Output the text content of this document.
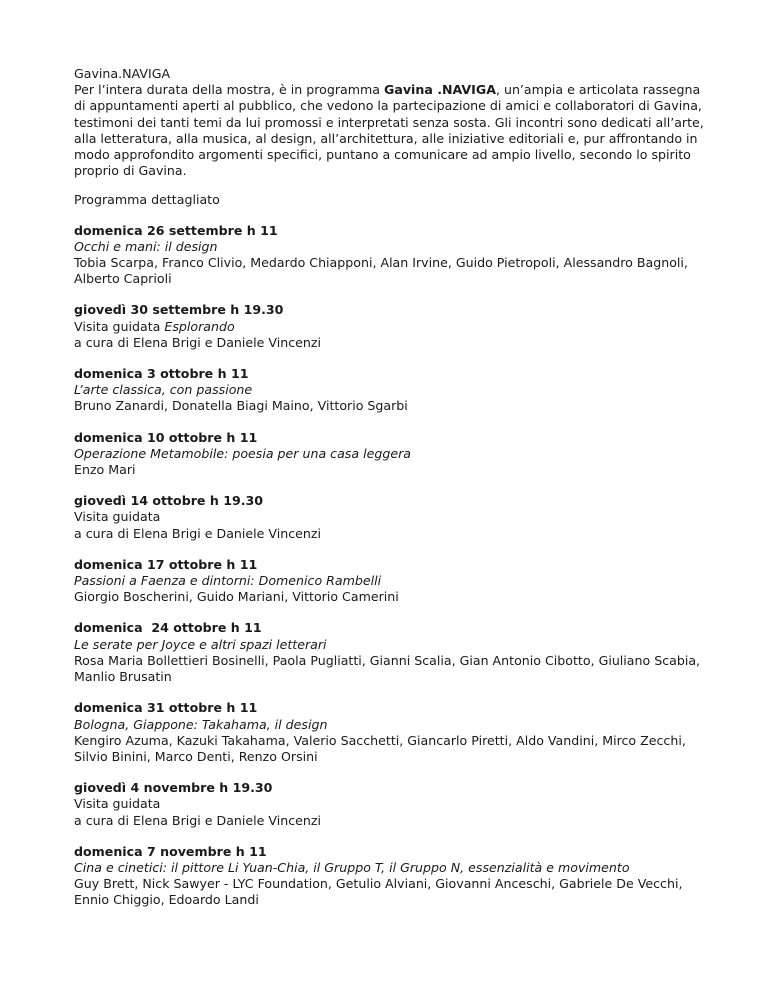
Gavina.NAVIGA

Per l’intera durata della mostra, è in programma Gavina .NAVIGA, un’ampia e articolata rassegna di appuntamenti aperti al pubblico, che vedono la partecipazione di amici e collaboratori di Gavina, testimoni dei tanti temi da lui promossi e interpretati senza sosta. Gli incontri sono dedicati all’arte, alla letteratura, alla musica, al design, all’architettura, alle iniziative editoriali e, pur affrontando in modo approfondito argomenti specifici, puntano a comunicare ad ampio livello, secondo lo spirito proprio di Gavina.

Programma dettagliato

domenica 26 settembre h 11
Occhi e mani: il design
Tobia Scarpa, Franco Clivio, Medardo Chiapponi, Alan Irvine, Guido Pietropoli, Alessandro Bagnoli, Alberto Caprioli
giovedì 30 settembre h 19.30
Visita guidata Esplorando
a cura di Elena Brigi e Daniele Vincenzi
domenica 3 ottobre h 11
L’arte classica, con passione
Bruno Zanardi, Donatella Biagi Maino, Vittorio Sgarbi
domenica 10 ottobre h 11
Operazione Metamobile: poesia per una casa leggera
Enzo Mari
giovedì 14 ottobre h 19.30
Visita guidata
a cura di Elena Brigi e Daniele Vincenzi
domenica 17 ottobre h 11
Passioni a Faenza e dintorni: Domenico Rambelli
Giorgio Boscherini, Guido Mariani, Vittorio Camerini
domenica  24 ottobre h 11
Le serate per Joyce e altri spazi letterari
Rosa Maria Bollettieri Bosinelli, Paola Pugliatti, Gianni Scalia, Gian Antonio Cibotto, Giuliano Scabia, Manlio Brusatin
domenica 31 ottobre h 11
Bologna, Giappone: Takahama, il design
Kengiro Azuma, Kazuki Takahama, Valerio Sacchetti, Giancarlo Piretti, Aldo Vandini, Mirco Zecchi, Silvio Binini, Marco Denti, Renzo Orsini
giovedì 4 novembre h 19.30
Visita guidata
a cura di Elena Brigi e Daniele Vincenzi
domenica 7 novembre h 11
Cina e cinetici: il pittore Li Yuan-Chia, il Gruppo T, il Gruppo N, essenzialità e movimento
Guy Brett, Nick Sawyer - LYC Foundation, Getulio Alviani, Giovanni Anceschi, Gabriele De Vecchi, Ennio Chiggio, Edoardo Landi
